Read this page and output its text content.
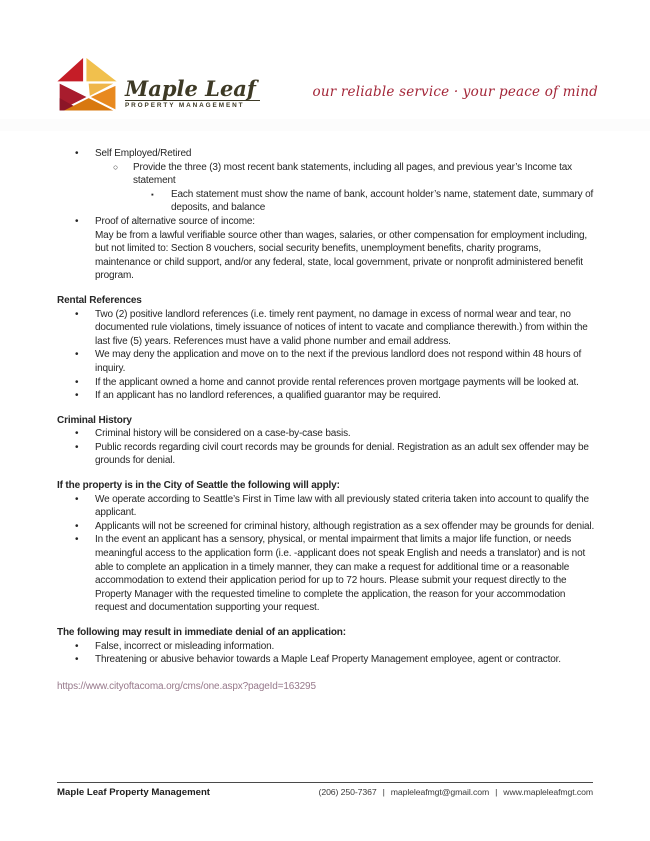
Maple Leaf
PROPERTY MANAGEMENT
our reliable service · your peace of mind
• Self Employed/Retired
○ Provide the three (3) most recent bank statements, including all pages, and previous year’s Income tax statement
▪ Each statement must show the name of bank, account holder’s name, statement date, summary of deposits, and balance
• Proof of alternative source of income:
May be from a lawful verifiable source other than wages, salaries, or other compensation for employment including, but not limited to: Section 8 vouchers, social security benefits, unemployment benefits, charity programs, maintenance or child support, and/or any federal, state, local government, private or nonprofit administered benefit program.
Rental References
• Two (2) positive landlord references (i.e. timely rent payment, no damage in excess of normal wear and tear, no documented rule violations, timely issuance of notices of intent to vacate and compliance therewith.) from within the last five (5) years. References must have a valid phone number and email address.
• We may deny the application and move on to the next if the previous landlord does not respond within 48 hours of inquiry.
• If the applicant owned a home and cannot provide rental references proven mortgage payments will be looked at.
• If an applicant has no landlord references, a qualified guarantor may be required.
Criminal History
• Criminal history will be considered on a case-by-case basis.
• Public records regarding civil court records may be grounds for denial. Registration as an adult sex offender may be grounds for denial.
If the property is in the City of Seattle the following will apply:
• We operate according to Seattle’s First in Time law with all previously stated criteria taken into account to qualify the applicant.
• Applicants will not be screened for criminal history, although registration as a sex offender may be grounds for denial.
• In the event an applicant has a sensory, physical, or mental impairment that limits a major life function, or needs meaningful access to the application form (i.e. -applicant does not speak English and needs a translator) and is not able to complete an application in a timely manner, they can make a request for additional time or a reasonable accommodation to extend their application period for up to 72 hours. Please submit your request directly to the Property Manager with the requested timeline to complete the application, the reason for your accommodation request and documentation supporting your request.
The following may result in immediate denial of an application:
• False, incorrect or misleading information.
• Threatening or abusive behavior towards a Maple Leaf Property Management employee, agent or contractor.
https://www.cityoftacoma.org/cms/one.aspx?pageId=163295
Maple Leaf Property Management	(206) 250-7367 | mapleleafmgt@gmail.com | www.mapleleafmgt.com
